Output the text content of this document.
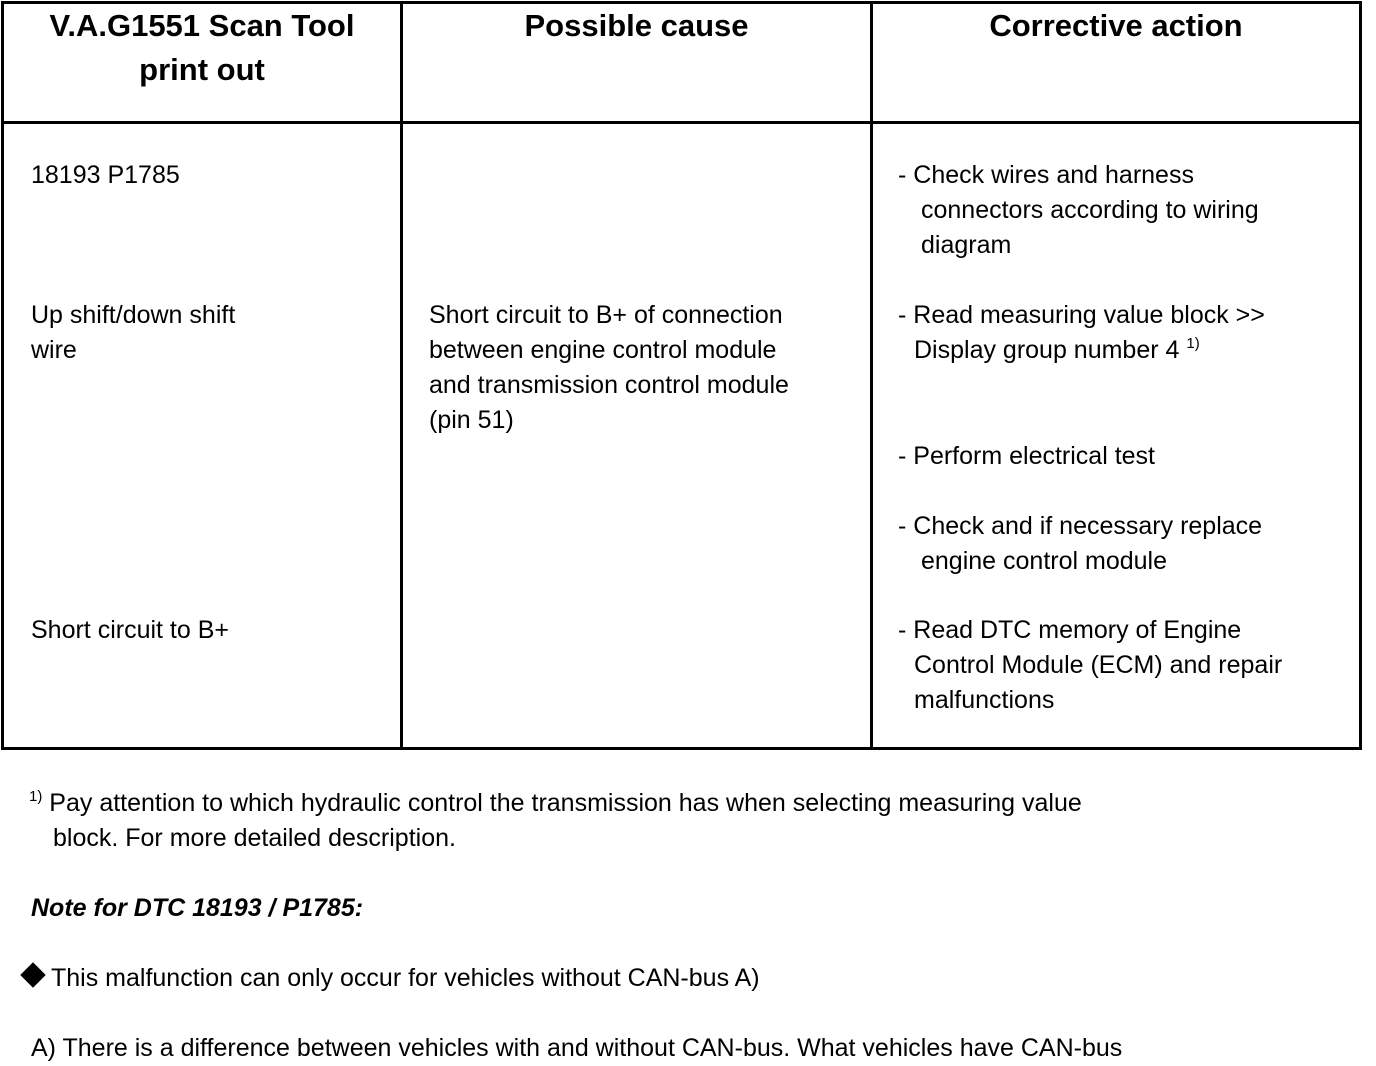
V.A.G1551 Scan Tool
print out
Possible cause	Corrective action
18193 P1785
Up shift/down shift
wire
Short circuit to B+
Short circuit to B+ of connection
between engine control module
and transmission control module
(pin 51)
- Check wires and harness
connectors according to wiring
diagram
- Read measuring value block >>
Display group number 4 $^{1)}$
- Perform electrical test
- Check and if necessary replace
engine control module
- Read DTC memory of Engine
Control Module (ECM) and repair
malfunctions
$^{1)}$ Pay attention to which hydraulic control the transmission has when selecting measuring value
block. For more detailed description.
Note for DTC 18193 / P1785:
This malfunction can only occur for vehicles without CAN-bus A)
A) There is a difference between vehicles with and without CAN-bus. What vehicles have CAN-bus
